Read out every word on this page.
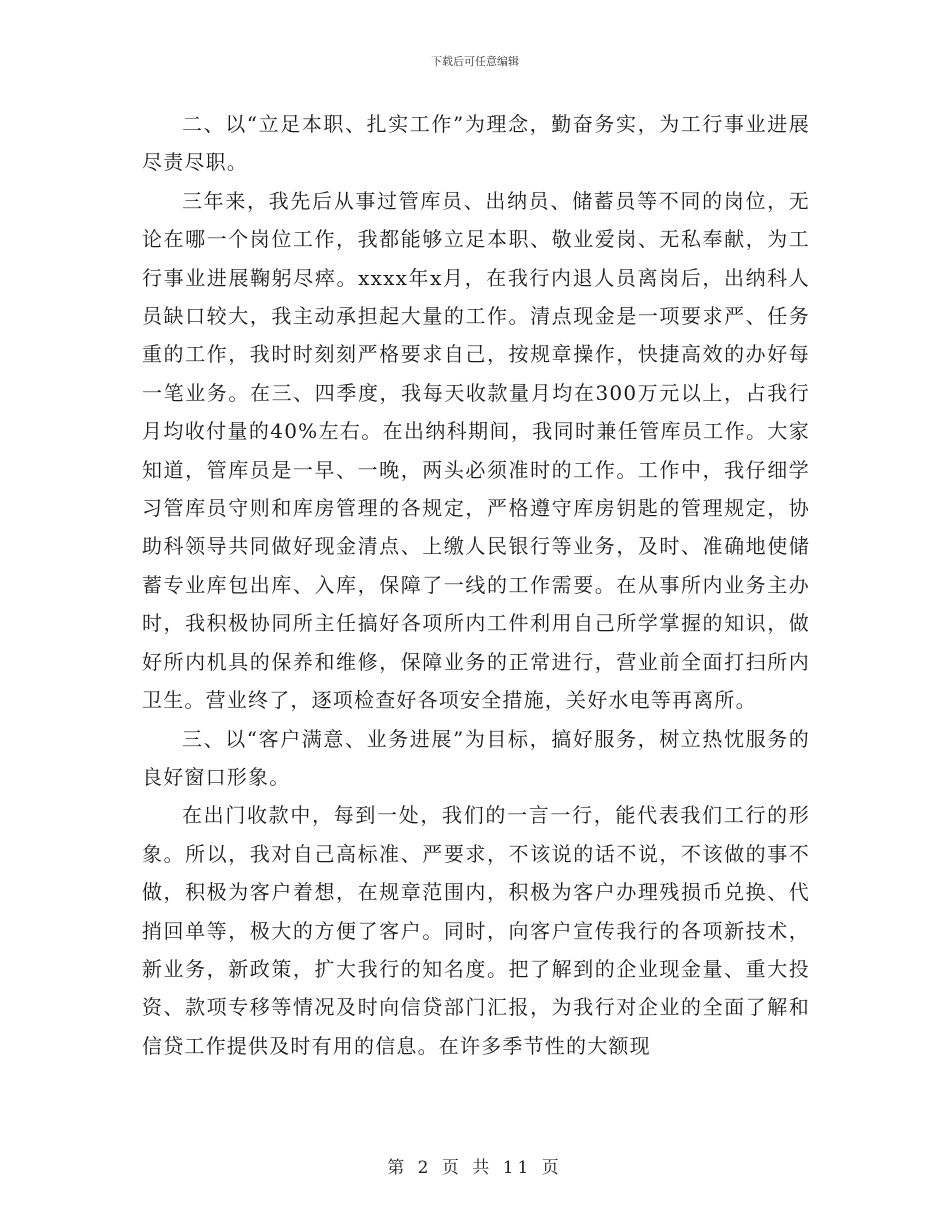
下载后可任意编辑

二、以“立足本职、扎实工作”为理念，勤奋务实，为工行事业进展尽责尽职。

三年来，我先后从事过管库员、出纳员、储蓄员等不同的岗位，无论在哪一个岗位工作，我都能够立足本职、敬业爱岗、无私奉献，为工行事业进展鞠躬尽瘁。xxxx年x月，在我行内退人员离岗后，出纳科人员缺口较大，我主动承担起大量的工作。清点现金是一项要求严、任务重的工作，我时时刻刻严格要求自己，按规章操作，快捷高效的办好每一笔业务。在三、四季度，我每天收款量月均在300万元以上，占我行月均收付量的40%左右。在出纳科期间，我同时兼任管库员工作。大家知道，管库员是一早、一晚，两头必须准时的工作。工作中，我仔细学习管库员守则和库房管理的各规定，严格遵守库房钥匙的管理规定，协助科领导共同做好现金清点、上缴人民银行等业务，及时、准确地使储蓄专业库包出库、入库，保障了一线的工作需要。在从事所内业务主办时，我积极协同所主任搞好各项所内工件利用自己所学掌握的知识，做好所内机具的保养和维修，保障业务的正常进行，营业前全面打扫所内卫生。营业终了，逐项检查好各项安全措施，关好水电等再离所。

三、以“客户满意、业务进展”为目标，搞好服务，树立热忱服务的良好窗口形象。

在出门收款中，每到一处，我们的一言一行，能代表我们工行的形象。所以，我对自己高标准、严要求，不该说的话不说，不该做的事不做，积极为客户着想，在规章范围内，积极为客户办理残损币兑换、代捎回单等，极大的方便了客户。同时，向客户宣传我行的各项新技术，新业务，新政策，扩大我行的知名度。把了解到的企业现金量、重大投资、款项专移等情况及时向信贷部门汇报，为我行对企业的全面了解和信贷工作提供及时有用的信息。在许多季节性的大额现

第 2 页 共 11 页
